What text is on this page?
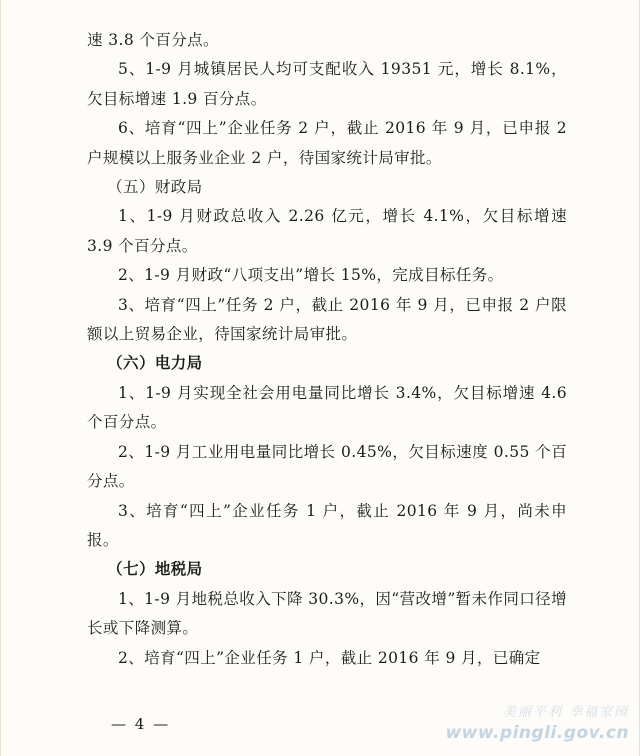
速 3.8 个百分点。

5、1-9 月城镇居民人均可支配收入 19351 元，增长 8.1%，欠目标增速 1.9 百分点。

6、培育“四上”企业任务 2 户，截止 2016 年 9 月，已申报 2 户规模以上服务业企业 2 户，待国家统计局审批。

（五）财政局

1、1-9 月财政总收入 2.26 亿元，增长 4.1%，欠目标增速 3.9 个百分点。

2、1-9 月财政“八项支出”增长 15%，完成目标任务。

3、培育“四上”任务 2 户，截止 2016 年 9 月，已申报 2 户限额以上贸易企业，待国家统计局审批。

（六）电力局

1、1-9 月实现全社会用电量同比增长 3.4%，欠目标增速 4.6 个百分点。

2、1-9 月工业用电量同比增长 0.45%，欠目标速度 0.55 个百分点。

3、培育“四上”企业任务 1 户，截止 2016 年 9 月，尚未申报。

（七）地税局

1、1-9 月地税总收入下降 30.3%，因“营改增”暂未作同口径增长或下降测算。

2、培育“四上”企业任务 1 户，截止 2016 年 9 月，已确定

— 4 —
美丽平利 幸福家园
www.pingli.gov.cn
